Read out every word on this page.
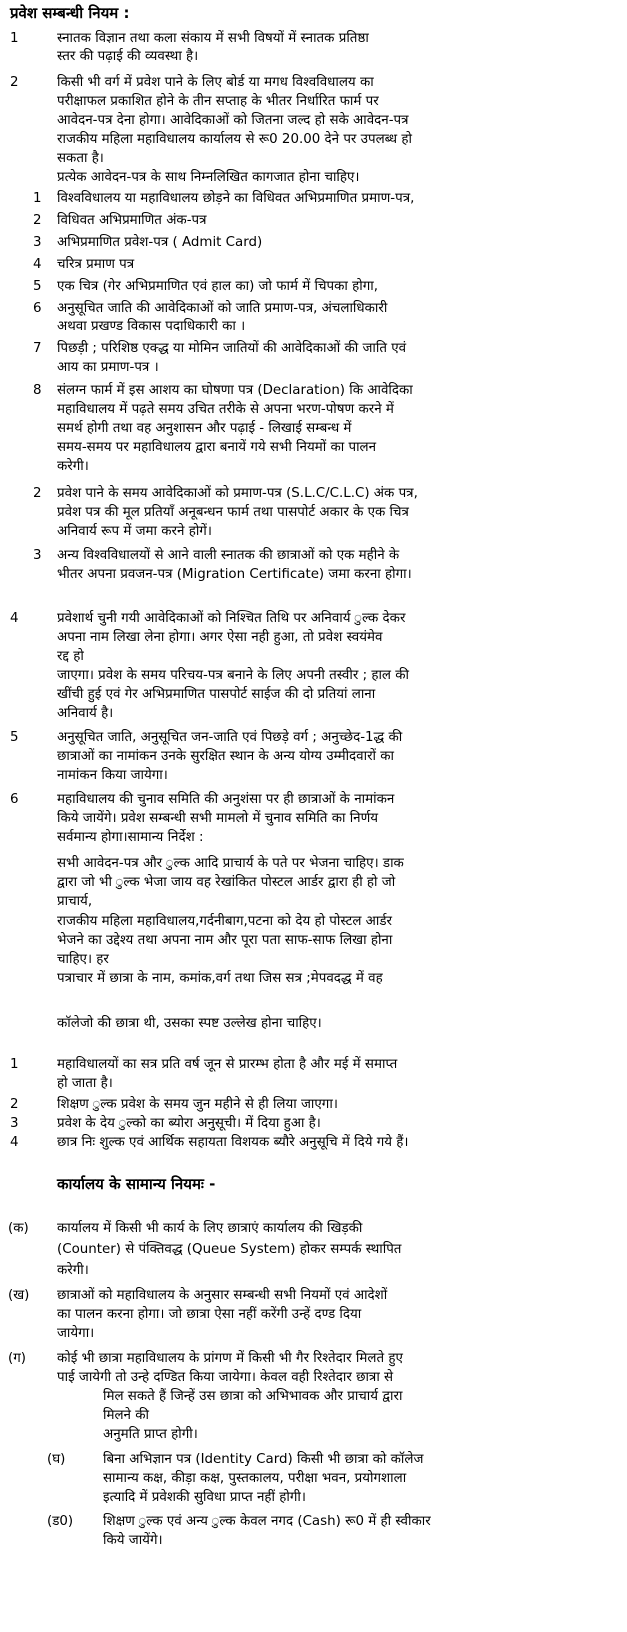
प्रवेश सम्बन्धी नियम :
1	स्नातक विज्ञान तथा कला संकाय में सभी विषयों में स्नातक प्रतिष्ठा
स्तर की पढ़ाई की व्यवस्था है।
2	किसी भी वर्ग में प्रवेश पाने के लिए बोर्ड या मगध विश्वविधालय का
परीक्षाफल प्रकाशित होने के तीन सप्ताह के भीतर निर्धारित फार्म पर
आवेदन-पत्र देना होगा। आवेदिकाओं को जितना जल्द हो सके आवेदन-पत्र
राजकीय महिला महाविधालय कार्यालय से रू0 20.00 देने पर उपलब्ध हो
सकता है।
प्रत्येक आवेदन-पत्र के साथ निम्नलिखित कागजात होना चाहिए।
1 विश्वविधालय या महाविधालय छोड़ने का विधिवत अभिप्रमाणित प्रमाण-पत्र,
2 विधिवत अभिप्रमाणित अंक-पत्र
3 अभिप्रमाणित प्रवेश-पत्र ( Admit Card)
4 चरित्र प्रमाण पत्र
5 एक चित्र (गेर अभिप्रमाणित एवं हाल का) जो फार्म में चिपका होगा,
6 अनुसूचित जाति की आवेदिकाओं को जाति प्रमाण-पत्र, अंचलाधिकारी
अथवा प्रखण्ड विकास पदाधिकारी का ।
7 पिछड़ी ; परिशिष्ठ एक्द्ध या मोमिन जातियों की आवेदिकाओं की जाति एवं
आय का प्रमाण-पत्र ।
8 संलग्न फार्म में इस आशय का घोषणा पत्र (Declaration) कि आवेदिका
महाविधालय में पढ़ते समय उचित तरीके से अपना भरण-पोषण करने में
समर्थ होगी तथा वह अनुशासन और पढ़ाई - लिखाई सम्बन्ध में
समय-समय पर महाविधालय द्वारा बनायें गये सभी नियमों का पालन
करेगी।
2 प्रवेश पाने के समय आवेदिकाओं को प्रमाण-पत्र (S.L.C/C.L.C) अंक पत्र,
प्रवेश पत्र की मूल प्रतियाँ अनूबन्धन फार्म तथा पासपोर्ट अकार के एक चित्र
अनिवार्य रूप में जमा करने होगें।
3 अन्य विश्वविधालयों से आने वाली स्नातक की छात्राओं को एक महीने के
भीतर अपना प्रवजन-पत्र (Migration Certificate) जमा करना होगा।
4	प्रवेशार्थ चुनी गयी आवेदिकाओं को निश्चित तिथि पर अनिवार्य ुल्क देकर
अपना नाम लिखा लेना होगा। अगर ऐसा नही हुआ, तो प्रवेश स्वयंमेव
रद्द हो
जाएगा। प्रवेश के समय परिचय-पत्र बनाने के लिए अपनी तस्वीर ; हाल की
खींची हुई एवं गेर अभिप्रमाणित पासपोर्ट साईज की दो प्रतियां लाना
अनिवार्य है।
5	अनुसूचित जाति, अनुसूचित जन-जाति एवं पिछड़े वर्ग ; अनुच्छेद-1द्ध की
छात्राओं का नामांकन उनके सुरक्षित स्थान के अन्य योग्य उम्मीदवारों का
नामांकन किया जायेगा।
6	महाविधालय की चुनाव समिति की अनुशंसा पर ही छात्राओं के नामांकन
किये जायेंगे। प्रवेश सम्बन्धी सभी मामलो में चुनाव समिति का निर्णय
सर्वमान्य होगा।सामान्य निर्देश :
सभी आवेदन-पत्र और ुल्क आदि प्राचार्य के पते पर भेजना चाहिए। डाक
द्वारा जो भी ुल्क भेजा जाय वह रेखांकित पोस्टल आर्डर द्वारा ही हो जो
प्राचार्य,
राजकीय महिला महाविधालय,गर्दनीबाग,पटना को देय हो पोस्टल आर्डर
भेजने का उद्देश्य तथा अपना नाम और पूरा पता साफ-साफ लिखा होना
चाहिए। हर
पत्राचार में छात्रा के नाम, कमांक,वर्ग तथा जिस सत्र ;मेपवदद्ध में वह
कॉलेजो की छात्रा थी, उसका स्पष्ट उल्लेख होना चाहिए।
1	महाविधालयों का सत्र प्रति वर्ष जून से प्रारम्भ होता है और मई में समाप्त
हो जाता है।
2	शिक्षण ुल्क प्रवेश के समय जुन महीने से ही लिया जाएगा।
3	प्रवेश के देय ुल्को का ब्योरा अनुसूची। में दिया हुआ है।
4	छात्र निः शुल्क एवं आर्थिक सहायता विशयक ब्यौरे अनुसूचि में दिये गये हैं।
कार्यालय के सामान्य नियमः -
(क) कार्यालय में किसी भी कार्य के लिए छात्राएं कार्यालय की खिड़की
(Counter) से पंक्तिवद्ध (Queue System) होकर सम्पर्क स्थापित
करेगी।
(ख) छात्राओं को महाविधालय के अनुसार सम्बन्धी सभी नियमों एवं आदेशों
का पालन करना होगा। जो छात्रा ऐसा नहीं करेंगी उन्हें दण्ड दिया
जायेगा।
(ग) कोई भी छात्रा महाविधालय के प्रांगण में किसी भी गैर रिश्तेदार मिलते हुए
पाई जायेगी तो उन्हे दण्डित किया जायेगा। केवल वही रिश्तेदार छात्रा से
मिल सकते हैं जिन्हें उस छात्रा को अभिभावक और प्राचार्य द्वारा
मिलने की
अनुमति प्राप्त होगी।
(घ)	बिना अभिज्ञान पत्र (Identity Card) किसी भी छात्रा को कॉलेज
सामान्य कक्ष, कीड़ा कक्ष, पुस्तकालय, परीक्षा भवन, प्रयोगशाला
इत्यादि में प्रवेशकी सुविधा प्राप्त नहीं होगी।
(ड0) शिक्षण ुल्क एवं अन्य ुल्क केवल नगद (Cash) रू0 में ही स्वीकार
किये जायेंगे।
